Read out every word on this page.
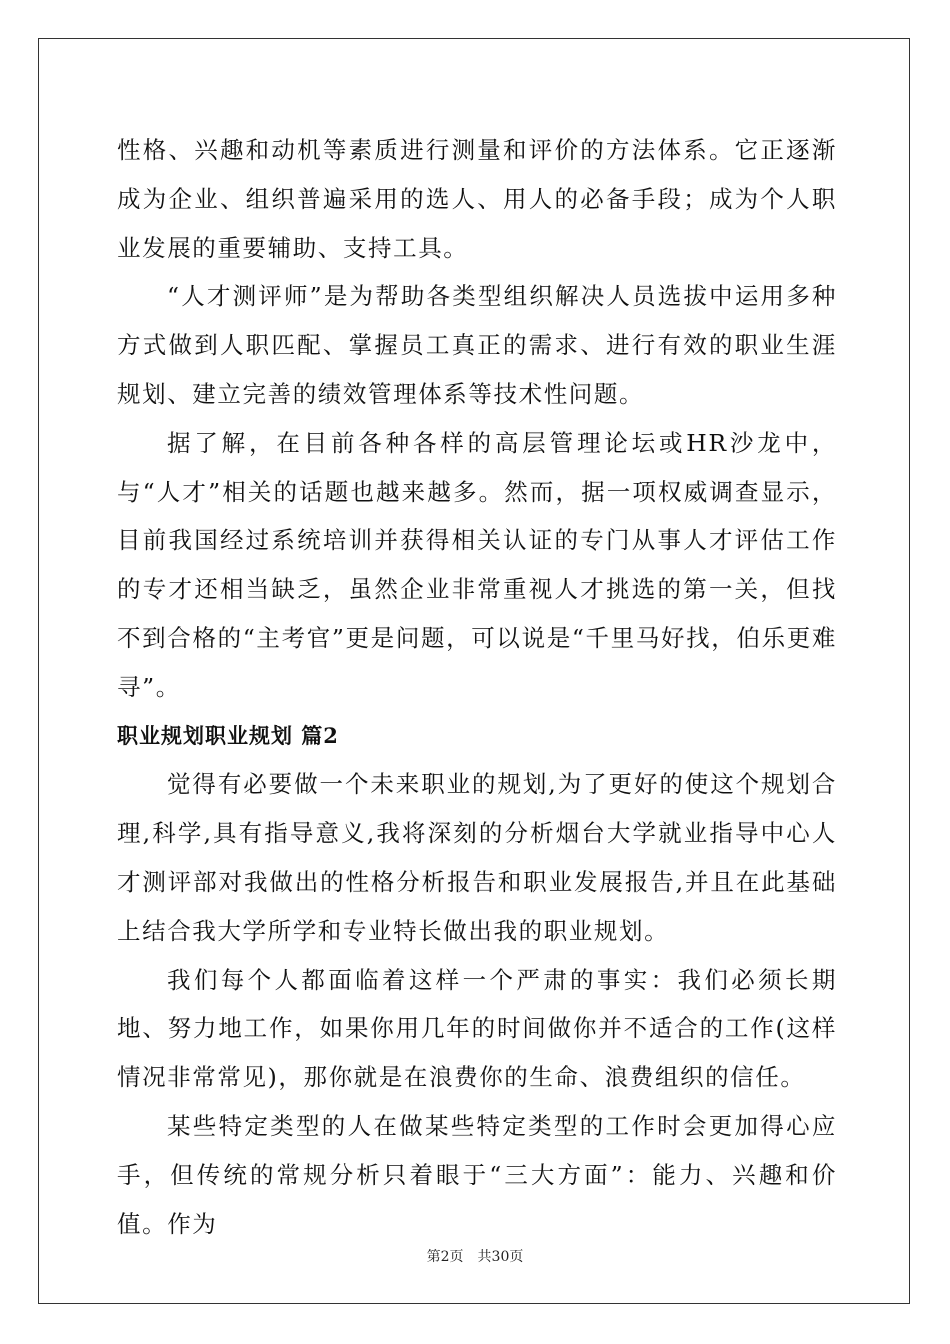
性格、兴趣和动机等素质进行测量和评价的方法体系。它正逐渐成为企业、组织普遍采用的选人、用人的必备手段；成为个人职业发展的重要辅助、支持工具。

“人才测评师”是为帮助各类型组织解决人员选拔中运用多种方式做到人职匹配、掌握员工真正的需求、进行有效的职业生涯规划、建立完善的绩效管理体系等技术性问题。

据了解，在目前各种各样的高层管理论坛或HR沙龙中，与“人才”相关的话题也越来越多。然而，据一项权威调查显示，目前我国经过系统培训并获得相关认证的专门从事人才评估工作的专才还相当缺乏，虽然企业非常重视人才挑选的第一关，但找不到合格的“主考官”更是问题，可以说是“千里马好找，伯乐更难寻”。

职业规划职业规划 篇2

觉得有必要做一个未来职业的规划,为了更好的使这个规划合理,科学,具有指导意义,我将深刻的分析烟台大学就业指导中心人才测评部对我做出的性格分析报告和职业发展报告,并且在此基础上结合我大学所学和专业特长做出我的职业规划。

我们每个人都面临着这样一个严肃的事实：我们必须长期地、努力地工作，如果你用几年的时间做你并不适合的工作(这样情况非常常见)，那你就是在浪费你的生命、浪费组织的信任。

某些特定类型的人在做某些特定类型的工作时会更加得心应手，但传统的常规分析只着眼于“三大方面”：能力、兴趣和价值。作为

第2页　共30页
